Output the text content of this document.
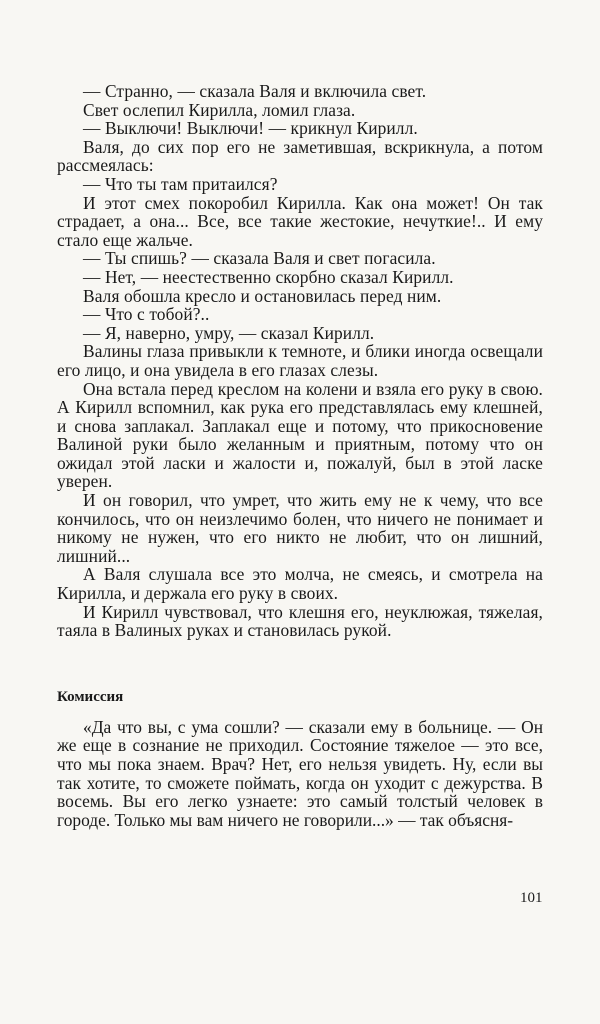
— Странно, — сказала Валя и включила свет.

Свет ослепил Кирилла, ломил глаза.

— Выключи! Выключи! — крикнул Кирилл.

Валя, до сих пор его не заметившая, вскрикнула, а потом рассмеялась:

— Что ты там притаился?

И этот смех покоробил Кирилла. Как она может! Он так страдает, а она... Все, все такие жестокие, нечуткие!.. И ему стало еще жальче.

— Ты спишь? — сказала Валя и свет погасила.

— Нет, — неестественно скорбно сказал Кирилл.

Валя обошла кресло и остановилась перед ним.

— Что с тобой?..

— Я, наверно, умру, — сказал Кирилл.

Валины глаза привыкли к темноте, и блики иногда освещали его лицо, и она увидела в его глазах слезы.

Она встала перед креслом на колени и взяла его руку в свою. А Кирилл вспомнил, как рука его представлялась ему клешней, и снова заплакал. Заплакал еще и потому, что прикосновение Валиной руки было желанным и приятным, потому что он ожидал этой ласки и жалости и, пожалуй, был в этой ласке уверен.

И он говорил, что умрет, что жить ему не к чему, что все кончилось, что он неизлечимо болен, что ничего не понимает и никому не нужен, что его никто не любит, что он лишний, лишний...

А Валя слушала все это молча, не смеясь, и смотрела на Кирилла, и держала его руку в своих.

И Кирилл чувствовал, что клешня его, неуклюжая, тяжелая, таяла в Валиных руках и становилась рукой.

Комиссия

«Да что вы, с ума сошли? — сказали ему в больнице. — Он же еще в сознание не приходил. Состояние тяжелое — это все, что мы пока знаем. Врач? Нет, его нельзя увидеть. Ну, если вы так хотите, то сможете поймать, когда он уходит с дежурства. В восемь. Вы его легко узнаете: это самый толстый человек в городе. Только мы вам ничего не говорили...» — так объясня-

101
